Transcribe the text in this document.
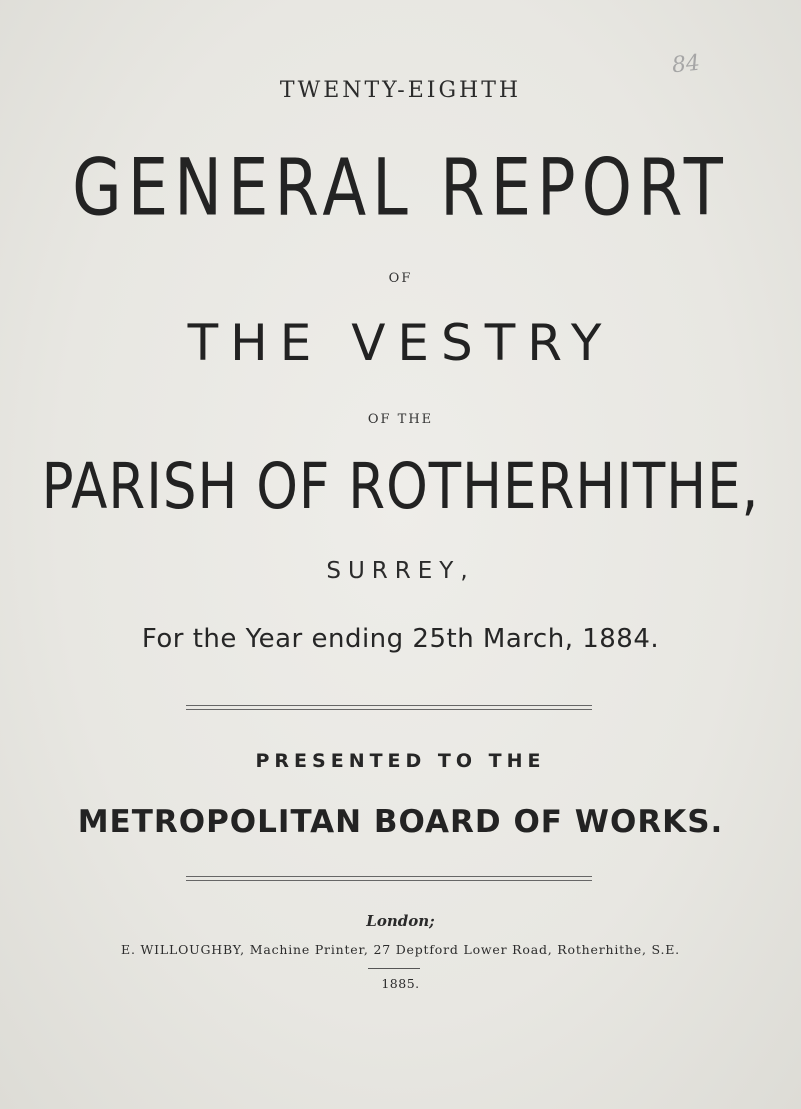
84
TWENTY-EIGHTH
GENERAL REPORT
OF
THE VESTRY
OF THE
PARISH OF ROTHERHITHE,
SURREY,
For the Year ending 25th March, 1884.
PRESENTED TO THE
METROPOLITAN BOARD OF WORKS.
London;
E. WILLOUGHBY, Machine Printer, 27 Deptford Lower Road, Rotherhithe, S.E.
1885.
